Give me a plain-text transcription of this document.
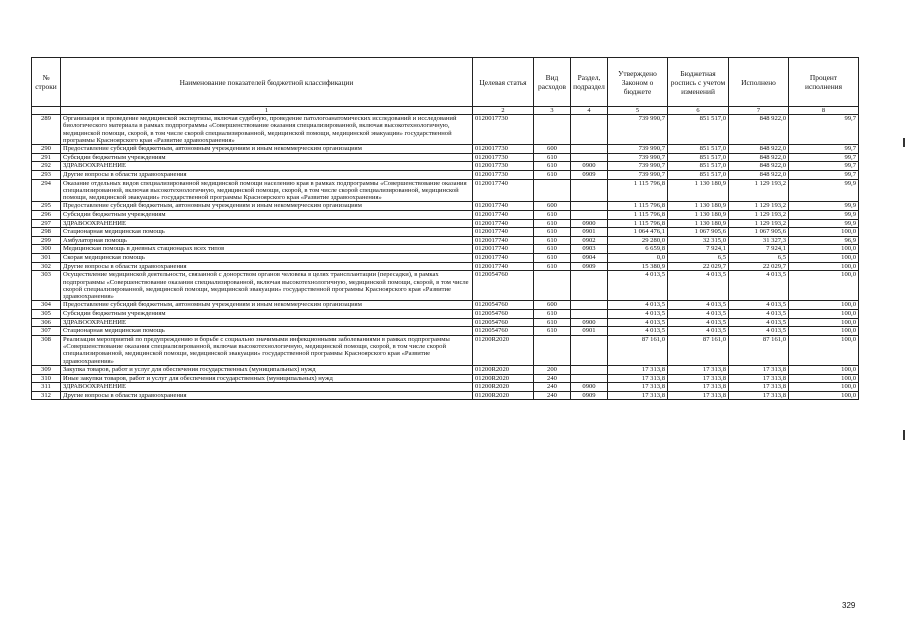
№ строки	Наименование показателей бюджетной классификации	Целевая статья	Вид расходов	Раздел, подраздел	Утверждено Законом о бюджете	Бюджетная роспись с учетом изменений	Исполнено	Процент исполнения
	1	2	3	4	5	6	7	8
289	Организация и проведение медицинской экспертизы, включая судебную, проведение патологоанатомических исследований и исследований биологического материала в рамках подпрограммы «Совершенствование оказания специализированной, включая высокотехнологичную, медицинской помощи, скорой, в том числе скорой специализированной, медицинской помощи, медицинской эвакуации» государственной программы Красноярского края «Развитие здравоохранения»	0120017730			739 990,7	851 517,0	848 922,0	99,7
290	Предоставление субсидий бюджетным, автономным учреждениям и иным некоммерческим организациям	0120017730	600		739 990,7	851 517,0	848 922,0	99,7
291	Субсидии бюджетным учреждениям	0120017730	610		739 990,7	851 517,0	848 922,0	99,7
292	ЗДРАВООХРАНЕНИЕ	0120017730	610	0900	739 990,7	851 517,0	848 922,0	99,7
293	Другие вопросы в области здравоохранения	0120017730	610	0909	739 990,7	851 517,0	848 922,0	99,7
294	Оказание отдельных видов специализированной медицинской помощи населению края в рамках подпрограммы «Совершенствование оказания специализированной, включая высокотехнологичную, медицинской помощи, скорой, в том числе скорой специализированной, медицинской помощи, медицинской эвакуации» государственной программы Красноярского края «Развитие здравоохранения»	0120017740			1 115 796,8	1 130 180,9	1 129 193,2	99,9
295	Предоставление субсидий бюджетным, автономным учреждениям и иным некоммерческим организациям	0120017740	600		1 115 796,8	1 130 180,9	1 129 193,2	99,9
296	Субсидии бюджетным учреждениям	0120017740	610		1 115 796,8	1 130 180,9	1 129 193,2	99,9
297	ЗДРАВООХРАНЕНИЕ	0120017740	610	0900	1 115 796,8	1 130 180,9	1 129 193,2	99,9
298	Стационарная медицинская помощь	0120017740	610	0901	1 064 476,1	1 067 905,6	1 067 905,6	100,0
299	Амбулаторная помощь	0120017740	610	0902	29 280,0	32 315,0	31 327,3	96,9
300	Медицинская помощь в дневных стационарах всех типов	0120017740	610	0903	6 659,8	7 924,1	7 924,1	100,0
301	Скорая медицинская помощь	0120017740	610	0904	0,0	6,5	6,5	100,0
302	Другие вопросы в области здравоохранения	0120017740	610	0909	15 380,9	22 029,7	22 029,7	100,0
303	Осуществление медицинской деятельности, связанной с донорством органов человека в целях трансплантации (пересадки), в рамках подпрограммы «Совершенствование оказания специализированной, включая высокотехнологичную, медицинской помощи, скорой, в том числе скорой специализированной, медицинской помощи, медицинской эвакуации» государственной программы Красноярского края «Развитие здравоохранения»	0120054760			4 013,5	4 013,5	4 013,5	100,0
304	Предоставление субсидий бюджетным, автономным учреждениям и иным некоммерческим организациям	0120054760	600		4 013,5	4 013,5	4 013,5	100,0
305	Субсидии бюджетным учреждениям	0120054760	610		4 013,5	4 013,5	4 013,5	100,0
306	ЗДРАВООХРАНЕНИЕ	0120054760	610	0900	4 013,5	4 013,5	4 013,5	100,0
307	Стационарная медицинская помощь	0120054760	610	0901	4 013,5	4 013,5	4 013,5	100,0
308	Реализация мероприятий по предупреждению и борьбе с социально значимыми инфекционными заболеваниями в рамках подпрограммы «Совершенствование оказания специализированной, включая высокотехнологичную, медицинской помощи, скорой, в том числе скорой специализированной, медицинской помощи, медицинской эвакуации» государственной программы Красноярского края «Развитие здравоохранения»	01200R2020			87 161,0	87 161,0	87 161,0	100,0
309	Закупка товаров, работ и услуг для обеспечения государственных (муниципальных) нужд	01200R2020	200		17 313,8	17 313,8	17 313,8	100,0
310	Иные закупки товаров, работ и услуг для обеспечения государственных (муниципальных) нужд	01200R2020	240		17 313,8	17 313,8	17 313,8	100,0
311	ЗДРАВООХРАНЕНИЕ	01200R2020	240	0900	17 313,8	17 313,8	17 313,8	100,0
312	Другие вопросы в области здравоохранения	01200R2020	240	0909	17 313,8	17 313,8	17 313,8	100,0
329
